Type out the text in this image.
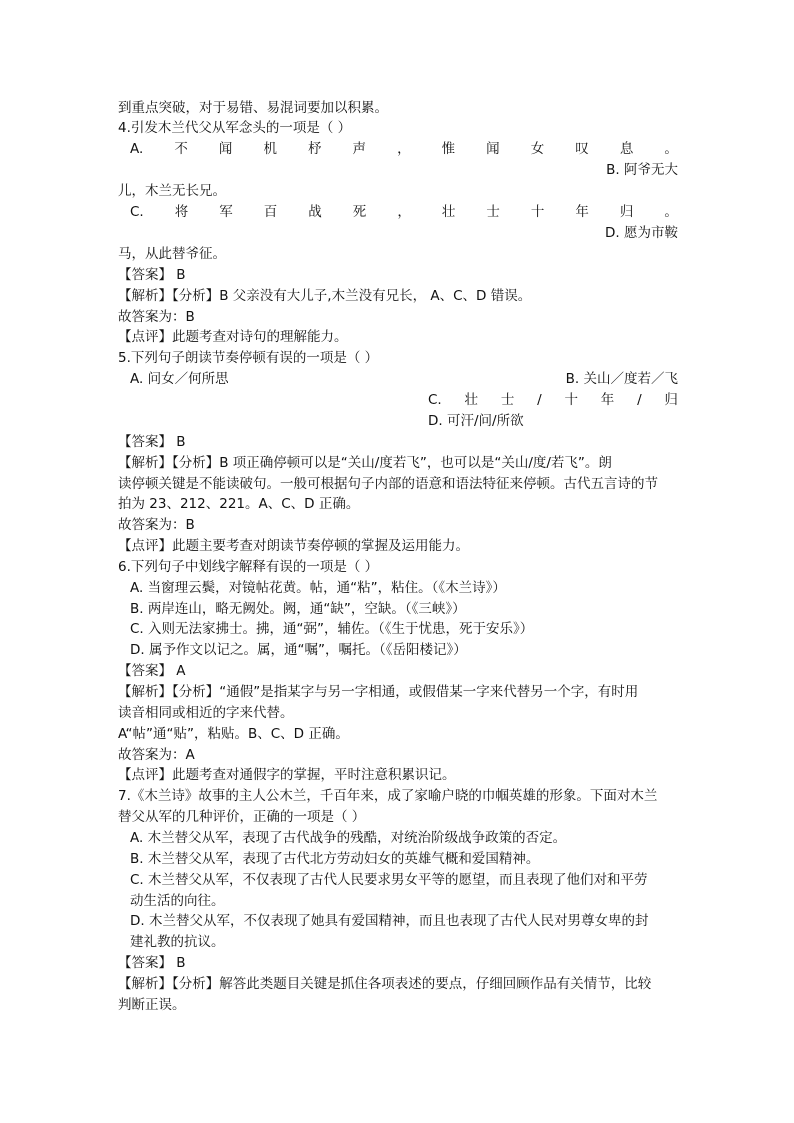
到重点突破，对于易错、易混词要加以积累。
4.引发木兰代父从军念头的一项是（ ）
A. 不 闻 机 杼 声 ， 惟 闻 女 叹 息 。
B. 阿爷无大
儿，木兰无长兄。
C. 将 军 百 战 死 ， 壮 士 十 年 归 。
D. 愿为市鞍
马，从此替爷征。
【答案】 B
【解析】【分析】B 父亲没有大儿子,木兰没有兄长， A、C、D 错误。
故答案为：B
【点评】此题考查对诗句的理解能力。
5.下列句子朗读节奏停顿有误的一项是（ ）
A. 问女／何所思	B. 关山／度若／飞
C. 壮 士 / 十 年 / 归
D. 可汗/问/所欲
【答案】 B
【解析】【分析】B 项正确停顿可以是“关山/度若飞”，也可以是“关山/度/若飞”。朗
读停顿关键是不能读破句。一般可根据句子内部的语意和语法特征来停顿。古代五言诗的节
拍为 23、212、221。A、C、D 正确。
故答案为：B
【点评】此题主要考查对朗读节奏停顿的掌握及运用能力。
6.下列句子中划线字解释有误的一项是（ ）
A. 当窗理云鬓，对镜帖花黄。帖，通“粘”，粘住。（《木兰诗》）
B. 两岸连山，略无阙处。阙，通“缺”，空缺。（《三峡》）
C. 入则无法家拂士。拂，通“弼”，辅佐。（《生于忧患，死于安乐》）
D. 属予作文以记之。属，通“嘱”，嘱托。（《岳阳楼记》）
【答案】 A
【解析】【分析】“通假”是指某字与另一字相通，或假借某一字来代替另一个字，有时用
读音相同或相近的字来代替。
A“帖”通“贴”，粘贴。B、C、D 正确。
故答案为：A
【点评】此题考查对通假字的掌握，平时注意积累识记。
7.《木兰诗》故事的主人公木兰，千百年来，成了家喻户晓的巾帼英雄的形象。下面对木兰
替父从军的几种评价，正确的一项是（ ）
A. 木兰替父从军，表现了古代战争的残酷，对统治阶级战争政策的否定。
B. 木兰替父从军，表现了古代北方劳动妇女的英雄气概和爱国精神。
C. 木兰替父从军，不仅表现了古代人民要求男女平等的愿望，而且表现了他们对和平劳
动生活的向往。
D. 木兰替父从军，不仅表现了她具有爱国精神，而且也表现了古代人民对男尊女卑的封
建礼教的抗议。
【答案】 B
【解析】【分析】解答此类题目关键是抓住各项表述的要点，仔细回顾作品有关情节，比较
判断正误。
